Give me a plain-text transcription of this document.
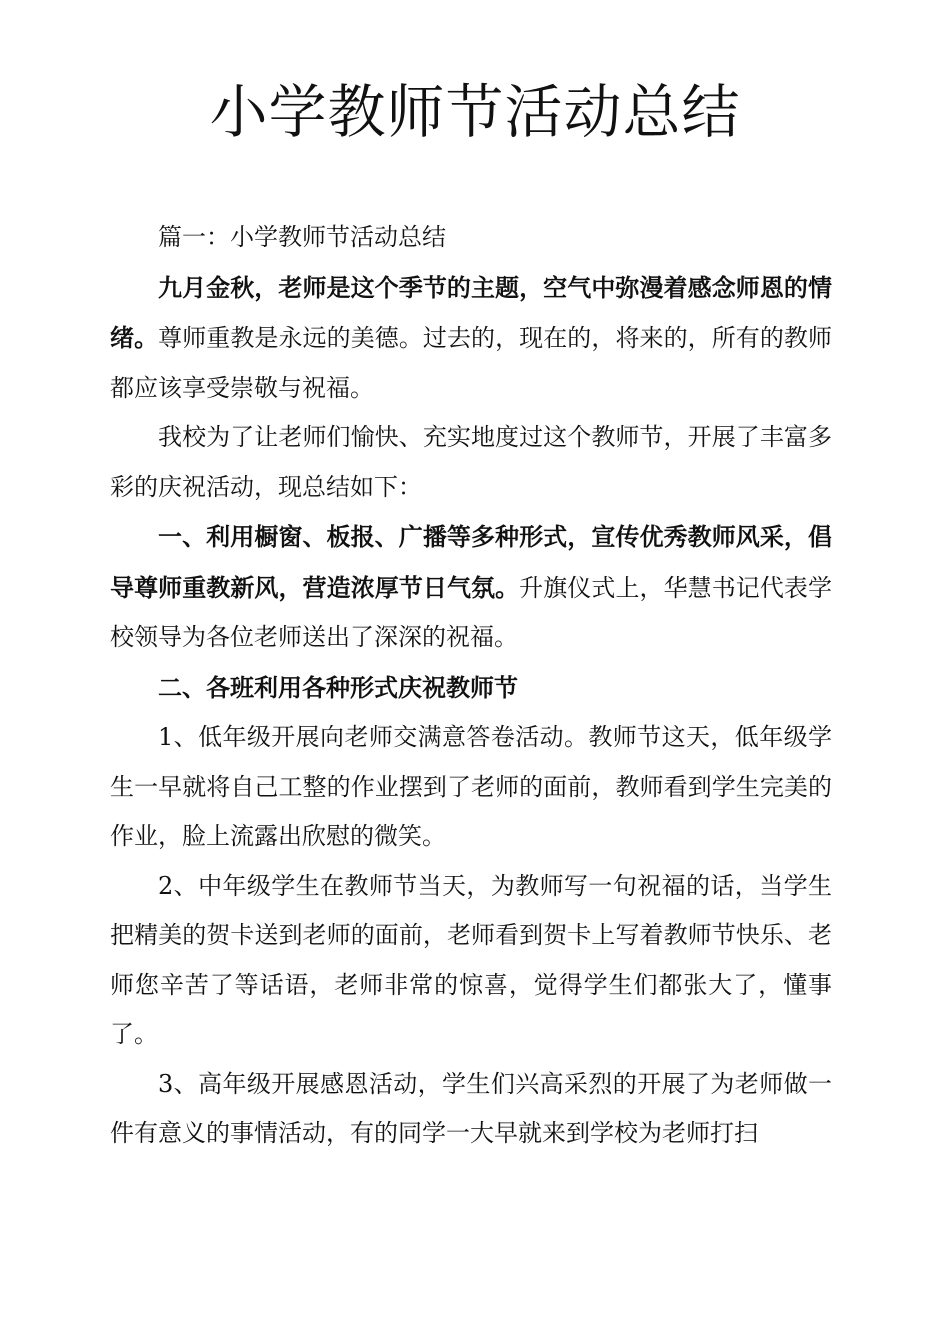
小学教师节活动总结

篇一：小学教师节活动总结

九月金秋，老师是这个季节的主题，空气中弥漫着感念师恩的情绪。尊师重教是永远的美德。过去的，现在的，将来的，所有的教师都应该享受崇敬与祝福。

我校为了让老师们愉快、充实地度过这个教师节，开展了丰富多彩的庆祝活动，现总结如下：

一、利用橱窗、板报、广播等多种形式，宣传优秀教师风采，倡导尊师重教新风，营造浓厚节日气氛。升旗仪式上，华慧书记代表学校领导为各位老师送出了深深的祝福。

二、各班利用各种形式庆祝教师节

1、低年级开展向老师交满意答卷活动。教师节这天，低年级学生一早就将自己工整的作业摆到了老师的面前，教师看到学生完美的作业，脸上流露出欣慰的微笑。

2、中年级学生在教师节当天，为教师写一句祝福的话，当学生把精美的贺卡送到老师的面前，老师看到贺卡上写着教师节快乐、老师您辛苦了等话语，老师非常的惊喜，觉得学生们都张大了，懂事了。

3、高年级开展感恩活动，学生们兴高采烈的开展了为老师做一件有意义的事情活动，有的同学一大早就来到学校为老师打扫
